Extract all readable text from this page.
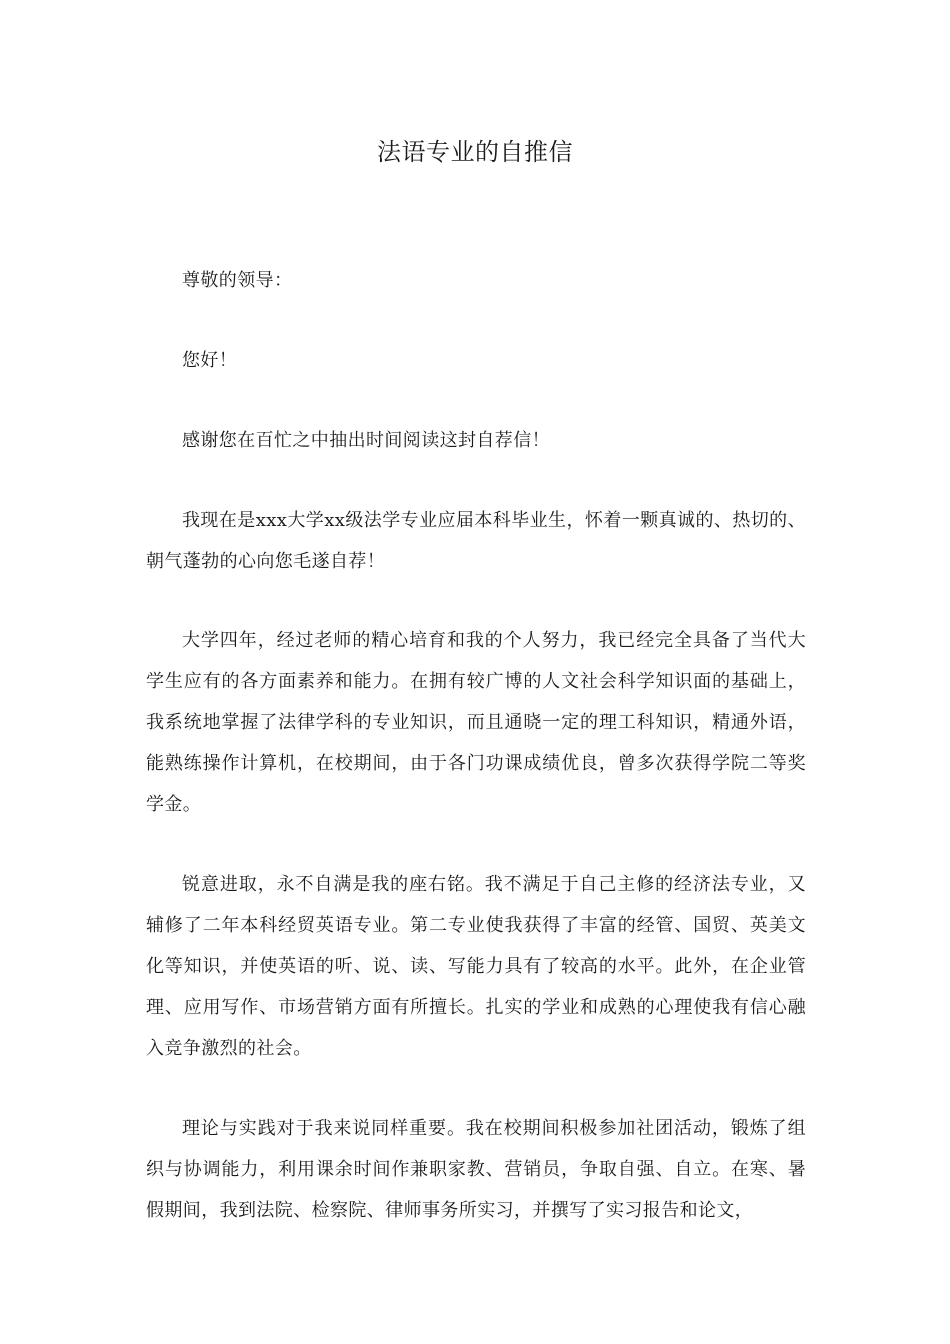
法语专业的自推信

尊敬的领导：

您好！

感谢您在百忙之中抽出时间阅读这封自荐信！

我现在是xxx大学xx级法学专业应届本科毕业生，怀着一颗真诚的、热切的、朝气蓬勃的心向您毛遂自荐！

大学四年，经过老师的精心培育和我的个人努力，我已经完全具备了当代大学生应有的各方面素养和能力。在拥有较广博的人文社会科学知识面的基础上，我系统地掌握了法律学科的专业知识，而且通晓一定的理工科知识，精通外语，能熟练操作计算机，在校期间，由于各门功课成绩优良，曾多次获得学院二等奖学金。

锐意进取，永不自满是我的座右铭。我不满足于自己主修的经济法专业，又辅修了二年本科经贸英语专业。第二专业使我获得了丰富的经管、国贸、英美文化等知识，并使英语的听、说、读、写能力具有了较高的水平。此外，在企业管理、应用写作、市场营销方面有所擅长。扎实的学业和成熟的心理使我有信心融入竞争激烈的社会。

理论与实践对于我来说同样重要。我在校期间积极参加社团活动，锻炼了组织与协调能力，利用课余时间作兼职家教、营销员，争取自强、自立。在寒、暑假期间，我到法院、检察院、律师事务所实习，并撰写了实习报告和论文，
